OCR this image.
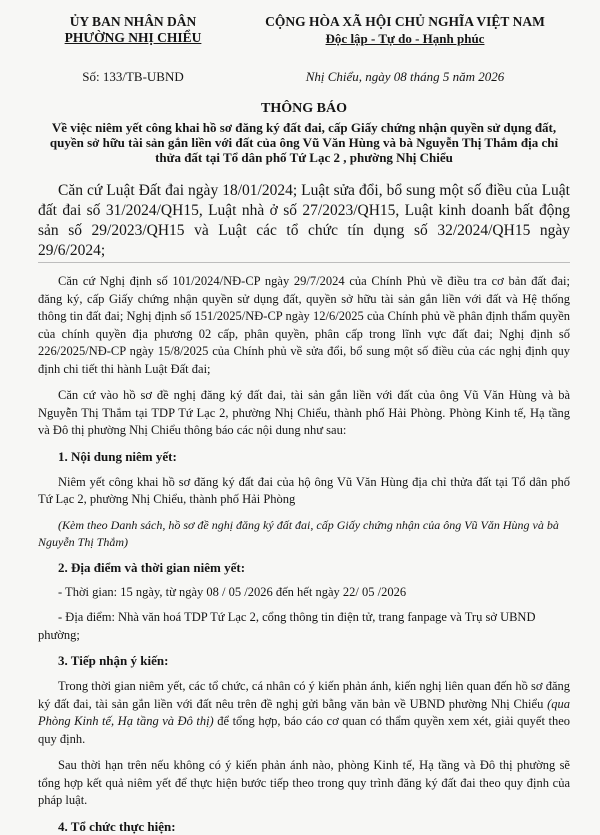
ỦY BAN NHÂN DÂN
PHƯỜNG NHỊ CHIỂU
CỘNG HÒA XÃ HỘI CHỦ NGHĨA VIỆT NAM
Độc lập - Tự do - Hạnh phúc
Số: 133/TB-UBND	Nhị Chiểu, ngày 08 tháng 5 năm 2026
THÔNG BÁO
Về việc niêm yết công khai hồ sơ đăng ký đất đai, cấp Giấy chứng nhận quyền sử dụng đất, quyền sở hữu tài sản gắn liền với đất của ông Vũ Văn Hùng và bà Nguyễn Thị Thắm địa chỉ thửa đất tại Tổ dân phố Tứ Lạc 2 , phường Nhị Chiểu

Căn cứ Luật Đất đai ngày 18/01/2024; Luật sửa đổi, bổ sung một số điều của Luật đất đai số 31/2024/QH15, Luật nhà ở số 27/2023/QH15, Luật kinh doanh bất động sản số 29/2023/QH15 và Luật các tổ chức tín dụng số 32/2024/QH15 ngày 29/6/2024;

Căn cứ Nghị định số 101/2024/NĐ-CP ngày 29/7/2024 của Chính Phủ về điều tra cơ bản đất đai; đăng ký, cấp Giấy chứng nhận quyền sử dụng đất, quyền sở hữu tài sản gắn liền với đất và Hệ thống thông tin đất đai; Nghị định số 151/2025/NĐ-CP ngày 12/6/2025 của Chính phủ về phân định thẩm quyền của chính quyền địa phương 02 cấp, phân quyền, phân cấp trong lĩnh vực đất đai; Nghị định số 226/2025/NĐ-CP ngày 15/8/2025 của Chính phủ về sửa đổi, bổ sung một số điều của các nghị định quy định chi tiết thi hành Luật Đất đai;

Căn cứ vào hồ sơ đề nghị đăng ký đất đai, tài sản gắn liền với đất của ông Vũ Văn Hùng và bà Nguyễn Thị Thắm tại TDP Tứ Lạc 2, phường Nhị Chiểu, thành phố Hải Phòng. Phòng Kinh tế, Hạ tầng và Đô thị phường Nhị Chiểu thông báo các nội dung như sau:

1. Nội dung niêm yết:

Niêm yết công khai hồ sơ đăng ký đất đai của hộ ông Vũ Văn Hùng địa chỉ thửa đất tại Tổ dân phố Tứ Lạc 2, phường Nhị Chiểu, thành phố Hải Phòng

(Kèm theo Danh sách, hồ sơ đề nghị đăng ký đất đai, cấp Giấy chứng nhận của ông Vũ Văn Hùng và bà Nguyễn Thị Thắm)
2. Địa điểm và thời gian niêm yết:
- Thời gian: 15 ngày, từ ngày 08 / 05 /2026 đến hết ngày 22/ 05 /2026
- Địa điểm: Nhà văn hoá TDP Tứ Lạc 2, cổng thông tin điện tử, trang fanpage và Trụ sở UBND phường;
3. Tiếp nhận ý kiến:

Trong thời gian niêm yết, các tổ chức, cá nhân có ý kiến phản ánh, kiến nghị liên quan đến hồ sơ đăng ký đất đai, tài sản gắn liền với đất nêu trên đề nghị gửi bằng văn bản về UBND phường Nhị Chiểu (qua Phòng Kinh tế, Hạ tầng và Đô thị) để tổng hợp, báo cáo cơ quan có thẩm quyền xem xét, giải quyết theo quy định.

Sau thời hạn trên nếu không có ý kiến phản ánh nào, phòng Kinh tế, Hạ tầng và Đô thị phường sẽ tổng hợp kết quả niêm yết để thực hiện bước tiếp theo trong quy trình đăng ký đất đai theo quy định của pháp luật.

4. Tổ chức thực hiện:
